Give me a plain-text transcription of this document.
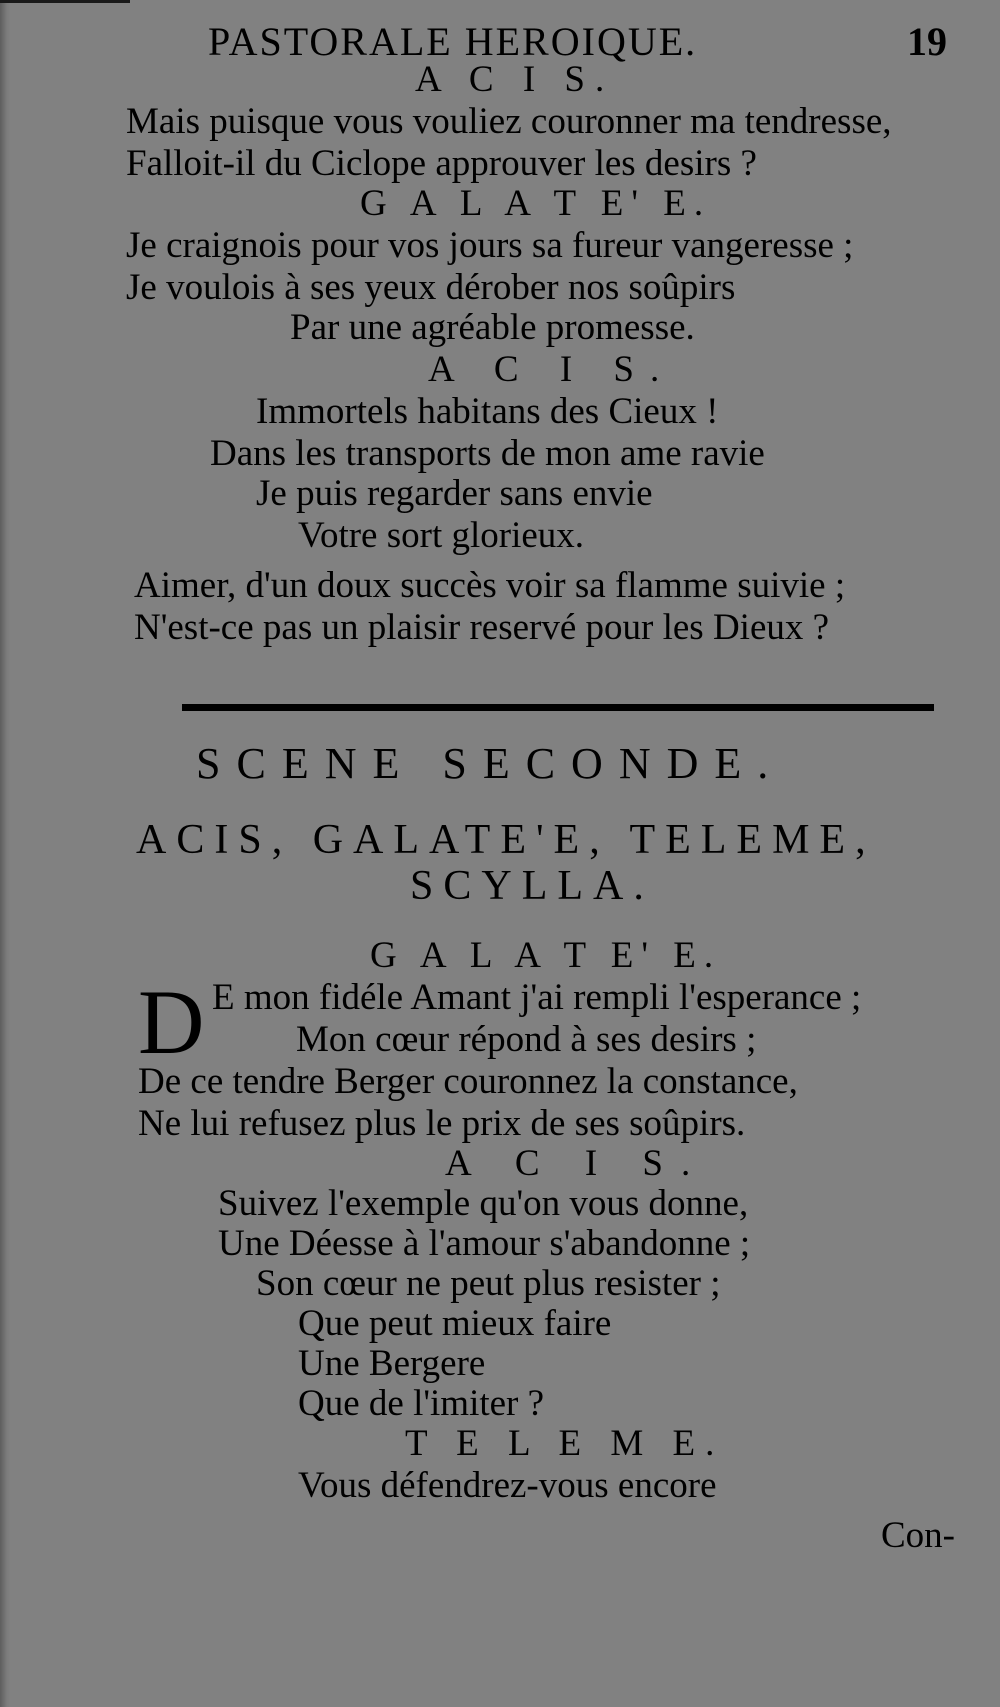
PASTORALE HEROIQUE.	19
A C I S.
Mais puisque vous vouliez couronner ma tendresse,
Falloit-il du Ciclope approuver les desirs ?
G A L A T E' E.
Je craignois pour vos jours sa fureur vangeresse ;
Je voulois à ses yeux dérober nos soûpirs
Par une agréable promesse.
A C I S.
Immortels habitans des Cieux !
Dans les transports de mon ame ravie
Je puis regarder sans envie
Votre sort glorieux.
Aimer, d'un doux succès voir sa flamme suivie ;
N'est-ce pas un plaisir reservé pour les Dieux ?
SCENE SECONDE.
ACIS, GALATE'E, TELEME,
SCYLLA.
G A L A T E' E.
D E mon fidéle Amant j'ai rempli l'esperance ;
Mon cœur répond à ses desirs ;
De ce tendre Berger couronnez la constance,
Ne lui refusez plus le prix de ses soûpirs.
A C I S.
Suivez l'exemple qu'on vous donne,
Une Déesse à l'amour s'abandonne ;
Son cœur ne peut plus resister ;
Que peut mieux faire
Une Bergere
Que de l'imiter ?
T E L E M E.
Vous défendrez-vous encore
Con-
